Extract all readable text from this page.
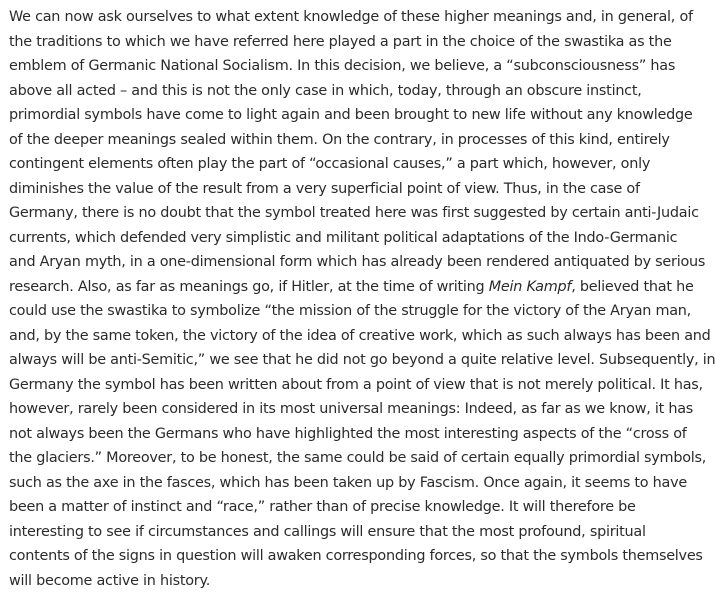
We can now ask ourselves to what extent knowledge of these higher meanings and, in general, of
the traditions to which we have referred here played a part in the choice of the swastika as the
emblem of Germanic National Socialism. In this decision, we believe, a “subconsciousness” has
above all acted – and this is not the only case in which, today, through an obscure instinct,
primordial symbols have come to light again and been brought to new life without any knowledge
of the deeper meanings sealed within them. On the contrary, in processes of this kind, entirely
contingent elements often play the part of “occasional causes,” a part which, however, only
diminishes the value of the result from a very superficial point of view. Thus, in the case of
Germany, there is no doubt that the symbol treated here was first suggested by certain anti-Judaic
currents, which defended very simplistic and militant political adaptations of the Indo-Germanic
and Aryan myth, in a one-dimensional form which has already been rendered antiquated by serious
research. Also, as far as meanings go, if Hitler, at the time of writing Mein Kampf, believed that he
could use the swastika to symbolize “the mission of the struggle for the victory of the Aryan man,
and, by the same token, the victory of the idea of creative work, which as such always has been and
always will be anti-Semitic,” we see that he did not go beyond a quite relative level. Subsequently, in
Germany the symbol has been written about from a point of view that is not merely political. It has,
however, rarely been considered in its most universal meanings: Indeed, as far as we know, it has
not always been the Germans who have highlighted the most interesting aspects of the “cross of
the glaciers.” Moreover, to be honest, the same could be said of certain equally primordial symbols,
such as the axe in the fasces, which has been taken up by Fascism. Once again, it seems to have
been a matter of instinct and “race,” rather than of precise knowledge. It will therefore be
interesting to see if circumstances and callings will ensure that the most profound, spiritual
contents of the signs in question will awaken corresponding forces, so that the symbols themselves
will become active in history.
